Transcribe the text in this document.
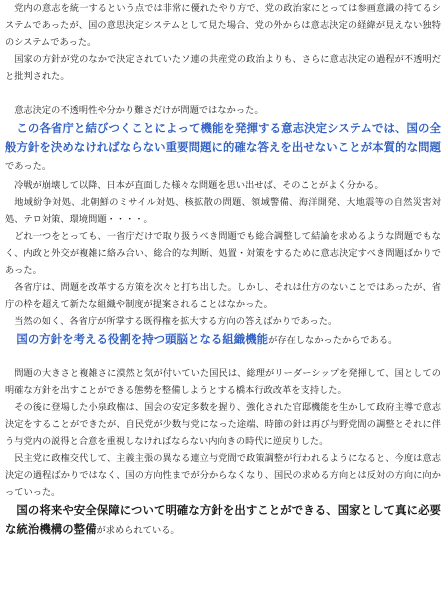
党内の意志を統一するという点では非常に優れたやり方で、党の政治家にとっては参画意識の持てるシステムであったが、国の意思決定システムとして見た場合、党の外からは意志決定の経緯が見えない独特のシステムであった。

国家の方針が党のなかで決定されていたソ連の共産党の政治よりも、さらに意志決定の過程が不透明だと批判された。

意志決定の不透明性や分かり難さだけが問題ではなかった。

この各省庁と結びつくことによって機能を発揮する意志決定システムでは、国の全般方針を決めなければならない重要問題に的確な答えを出せないことが本質的な問題であった。

冷戦が崩壊して以降、日本が直面した様々な問題を思い出せば、そのことがよく分かる。

地域紛争対処、北朝鮮のミサイル対処、核拡散の問題、領域警備、海洋開発、大地震等の自然災害対処、テロ対策、環境問題・・・・。

どれ一つをとっても、一省庁だけで取り扱うべき問題でも総合調整して結論を求めるような問題でもなく、内政と外交が複雑に絡み合い、総合的な判断、処置・対策をするために意志決定すべき問題ばかりであった。

各省庁は、問題を改革する方策を次々と打ち出した。しかし、それは仕方のないことではあったが、省庁の枠を超えて新たな組織や制度が提案されることはなかった。

当然の如く、各省庁が所掌する既得権を拡大する方向の答えばかりであった。

国の方針を考える役割を持つ頭脳となる組織機能が存在しなかったからである。

問題の大きさと複雑さに漠然と気が付いていた国民は、総理がリーダーシップを発揮して、国としての明確な方針を出すことができる態勢を整備しようとする橋本行政改革を支持した。

その後に登場した小泉政権は、国会の安定多数を握り、強化された官邸機能を生かして政府主導で意志決定をすることができたが、自民党が少数与党になった途端、時節の針は再び与野党間の調整とそれに伴う与党内の説得と合意を重視しなければならない内向きの時代に逆戻りした。

民主党に政権交代して、主義主張の異なる連立与党間で政策調整が行われるようになると、今度は意志決定の過程ばかりではなく、国の方向性までが分からなくなり、国民の求める方向とは反対の方向に向かっていった。

国の将来や安全保障について明確な方針を出すことができる、国家として真に必要な統治機構の整備が求められている。
